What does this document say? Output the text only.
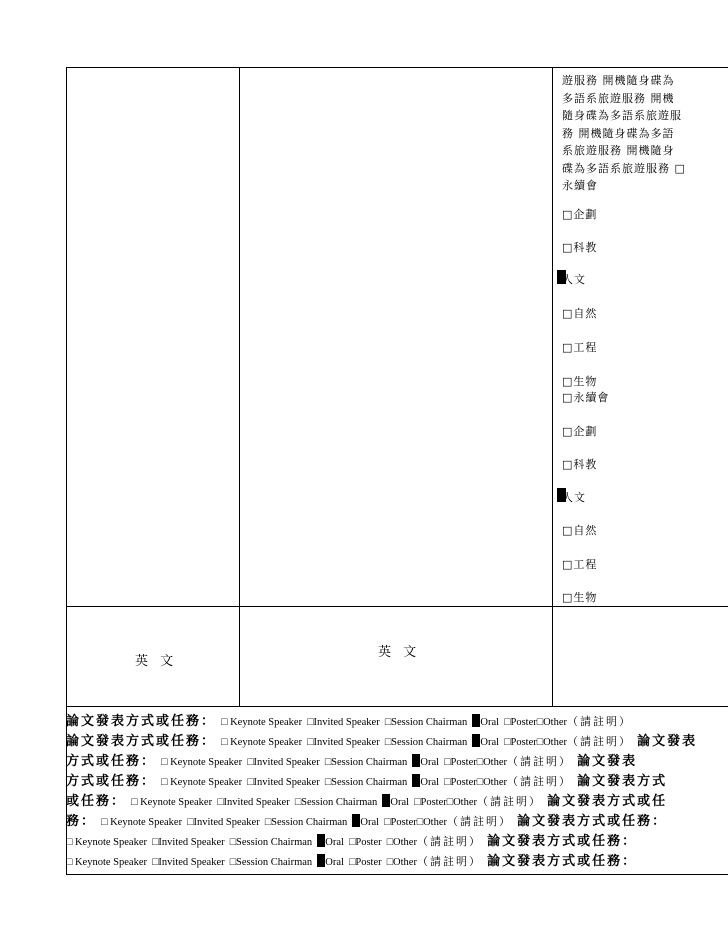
遊服務 開機隨身碟為
多語系旅遊服務 開機
隨身碟為多語系旅遊服
務 開機隨身碟為多語
系旅遊服務 開機隨身
碟為多語系旅遊服務 □
永續會
□企劃
□科教
人文
□自然
□工程
□生物
□永續會
□企劃
□科教
人文
□自然
□工程
□生物
英 文
英 文
論文發表方式或任務： □ Keynote Speaker □Invited Speaker □Session Chairman Oral □Poster□Other（請註明）
論文發表方式或任務： □ Keynote Speaker □Invited Speaker □Session Chairman Oral □Poster□Other（請註明） 論文發表
方式或任務： □ Keynote Speaker □Invited Speaker □Session Chairman Oral □Poster□Other（請註明） 論文發表
方式或任務： □ Keynote Speaker □Invited Speaker □Session Chairman Oral □Poster□Other（請註明） 論文發表方式
或任務： □ Keynote Speaker □Invited Speaker □Session Chairman Oral □Poster□Other（請註明） 論文發表方式或任
務： □ Keynote Speaker □Invited Speaker □Session Chairman Oral □Poster□Other（請註明） 論文發表方式或任務：
□ Keynote Speaker □Invited Speaker □Session Chairman Oral □Poster □Other（請註明） 論文發表方式或任務：
□ Keynote Speaker □Invited Speaker □Session Chairman Oral □Poster □Other（請註明） 論文發表方式或任務：
